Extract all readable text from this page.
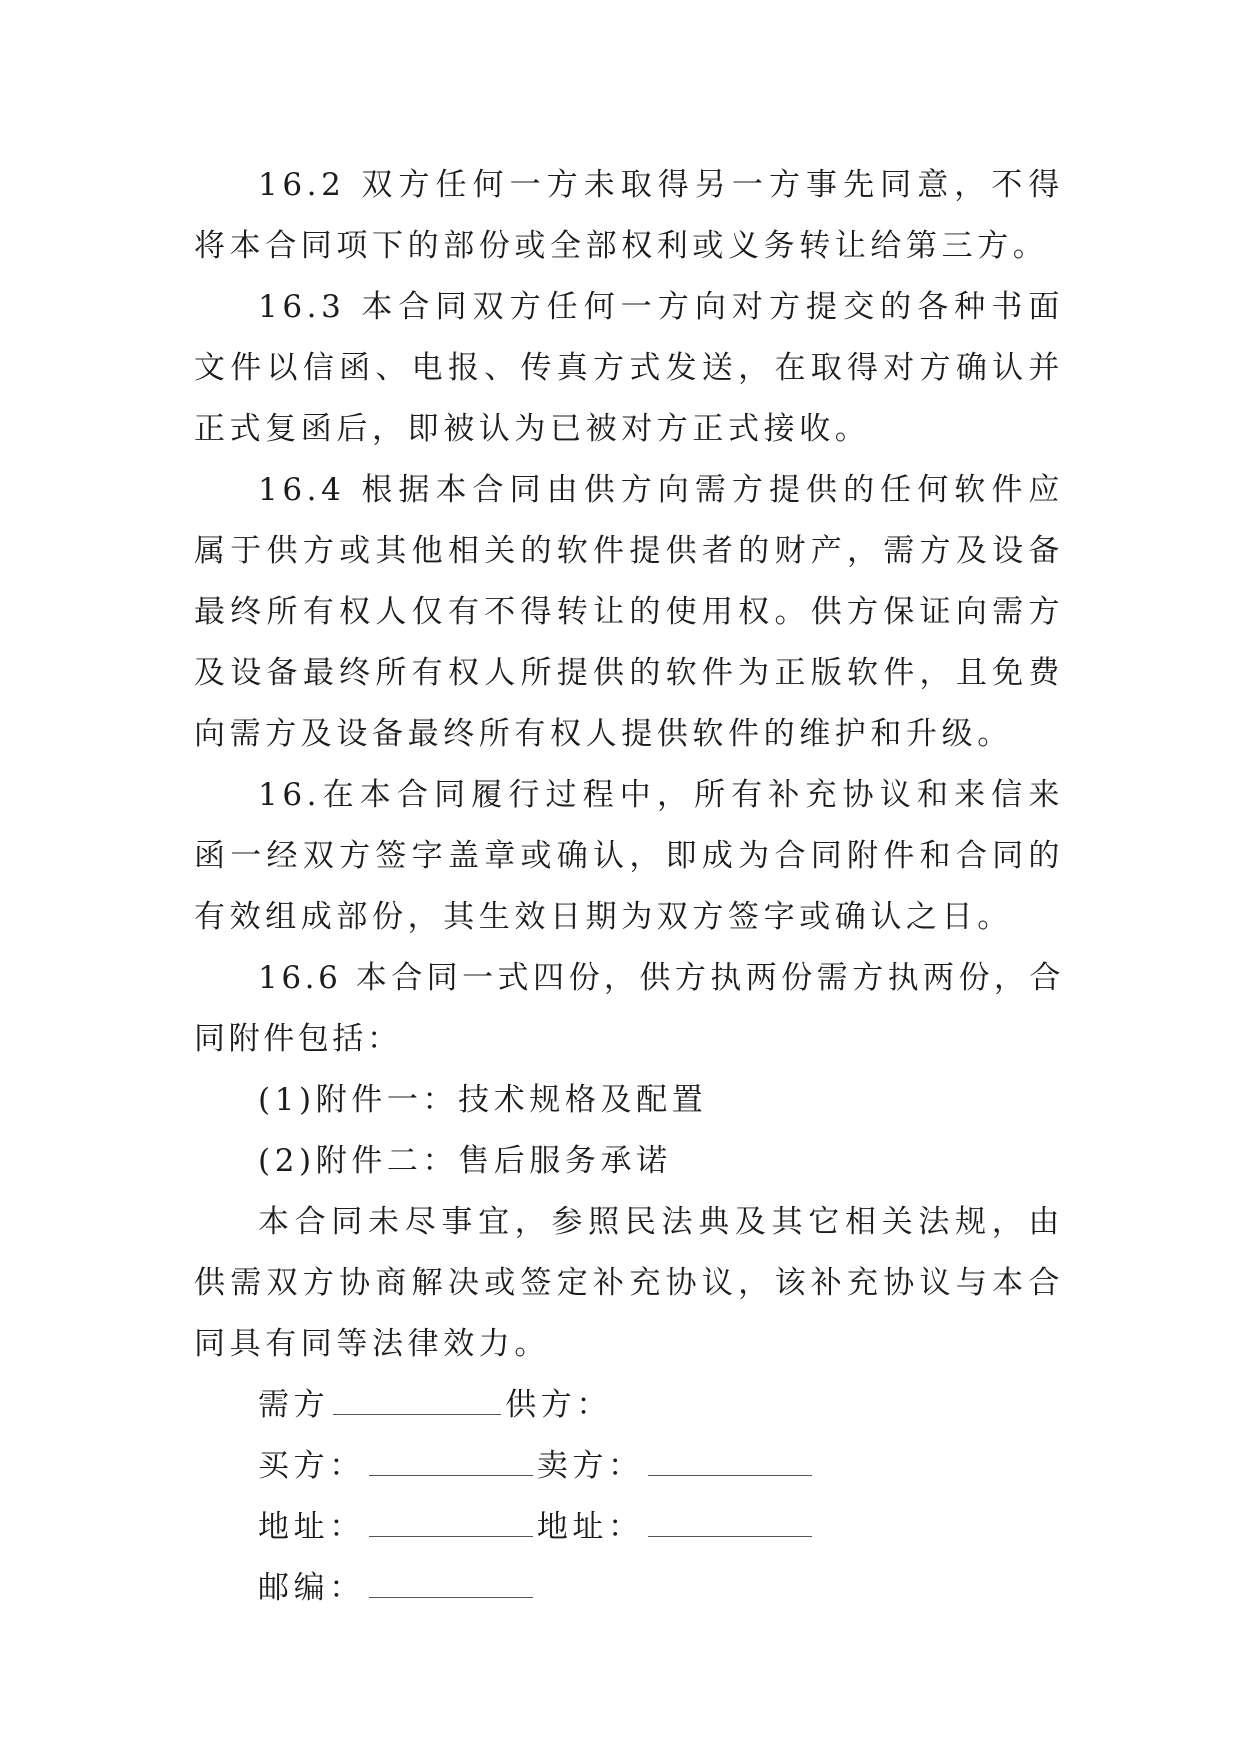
16.2 双方任何一方未取得另一方事先同意，不得将本合同项下的部份或全部权利或义务转让给第三方。

16.3 本合同双方任何一方向对方提交的各种书面文件以信函、电报、传真方式发送，在取得对方确认并正式复函后，即被认为已被对方正式接收。

16.4 根据本合同由供方向需方提供的任何软件应属于供方或其他相关的软件提供者的财产，需方及设备最终所有权人仅有不得转让的使用权。供方保证向需方及设备最终所有权人所提供的软件为正版软件，且免费向需方及设备最终所有权人提供软件的维护和升级。

16.在本合同履行过程中，所有补充协议和来信来函一经双方签字盖章或确认，即成为合同附件和合同的有效组成部份，其生效日期为双方签字或确认之日。

16.6 本合同一式四份，供方执两份需方执两份，合同附件包括：

(1)附件一：技术规格及配置

(2)附件二：售后服务承诺

本合同未尽事宜，参照民法典及其它相关法规，由供需双方协商解决或签定补充协议，该补充协议与本合同具有同等法律效力。

需方	供方：

买方：	卖方：

地址：	地址：

邮编：
